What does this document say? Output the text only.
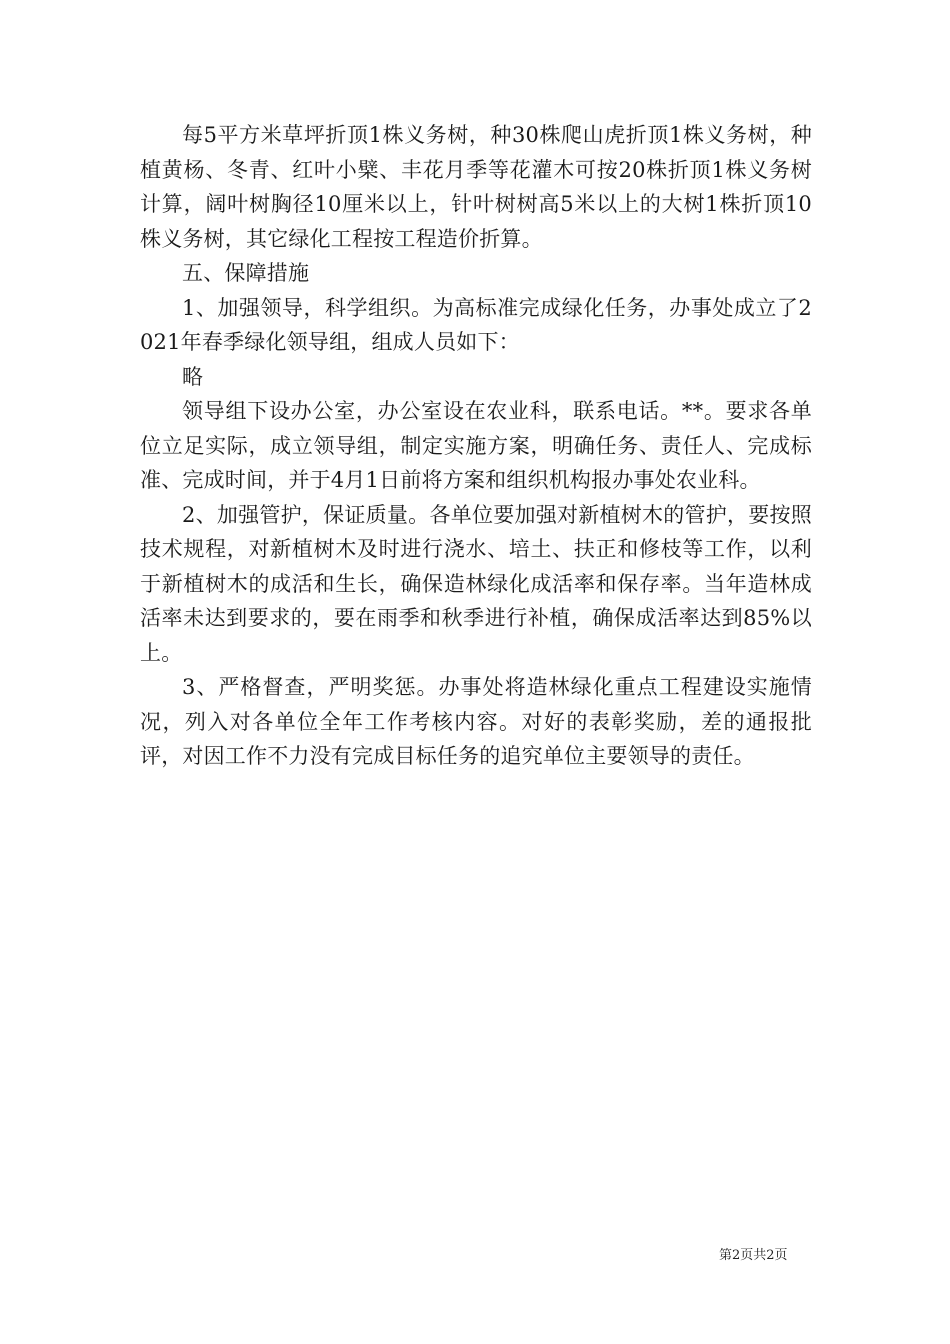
每5平方米草坪折顶1株义务树，种30株爬山虎折顶1株义务树，种植黄杨、冬青、红叶小檗、丰花月季等花灌木可按20株折顶1株义务树计算，阔叶树胸径10厘米以上，针叶树树高5米以上的大树1株折顶10株义务树，其它绿化工程按工程造价折算。

五、保障措施

1、加强领导，科学组织。为高标准完成绿化任务，办事处成立了2021年春季绿化领导组，组成人员如下：

略

领导组下设办公室，办公室设在农业科，联系电话。**。要求各单位立足实际，成立领导组，制定实施方案，明确任务、责任人、完成标准、完成时间，并于4月1日前将方案和组织机构报办事处农业科。

2、加强管护，保证质量。各单位要加强对新植树木的管护，要按照技术规程，对新植树木及时进行浇水、培土、扶正和修枝等工作，以利于新植树木的成活和生长，确保造林绿化成活率和保存率。当年造林成活率未达到要求的，要在雨季和秋季进行补植，确保成活率达到85%以上。

3、严格督查，严明奖惩。办事处将造林绿化重点工程建设实施情况，列入对各单位全年工作考核内容。对好的表彰奖励，差的通报批评，对因工作不力没有完成目标任务的追究单位主要领导的责任。

第2页共2页
